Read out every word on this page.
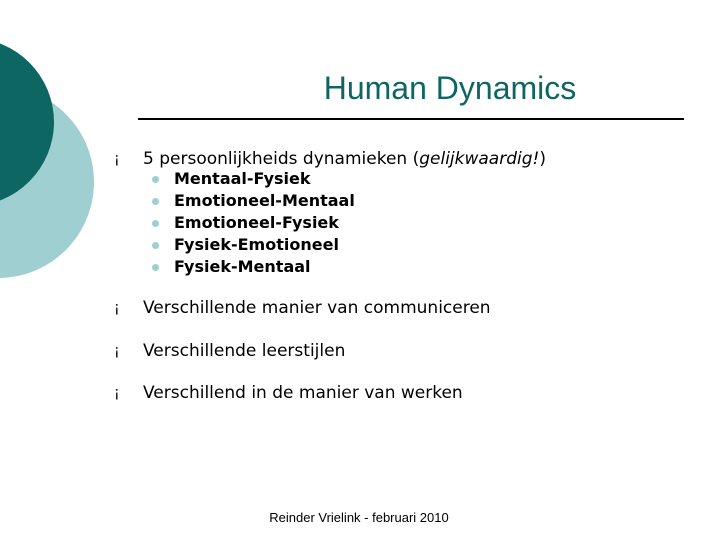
Human Dynamics
¡ 5 persoonlijkheids dynamieken (gelijkwaardig!)
Mentaal-Fysiek
Emotioneel-Mentaal
Emotioneel-Fysiek
Fysiek-Emotioneel
Fysiek-Mentaal
¡ Verschillende manier van communiceren
¡ Verschillende leerstijlen
¡ Verschillend in de manier van werken
Reinder Vrielink - februari 2010
